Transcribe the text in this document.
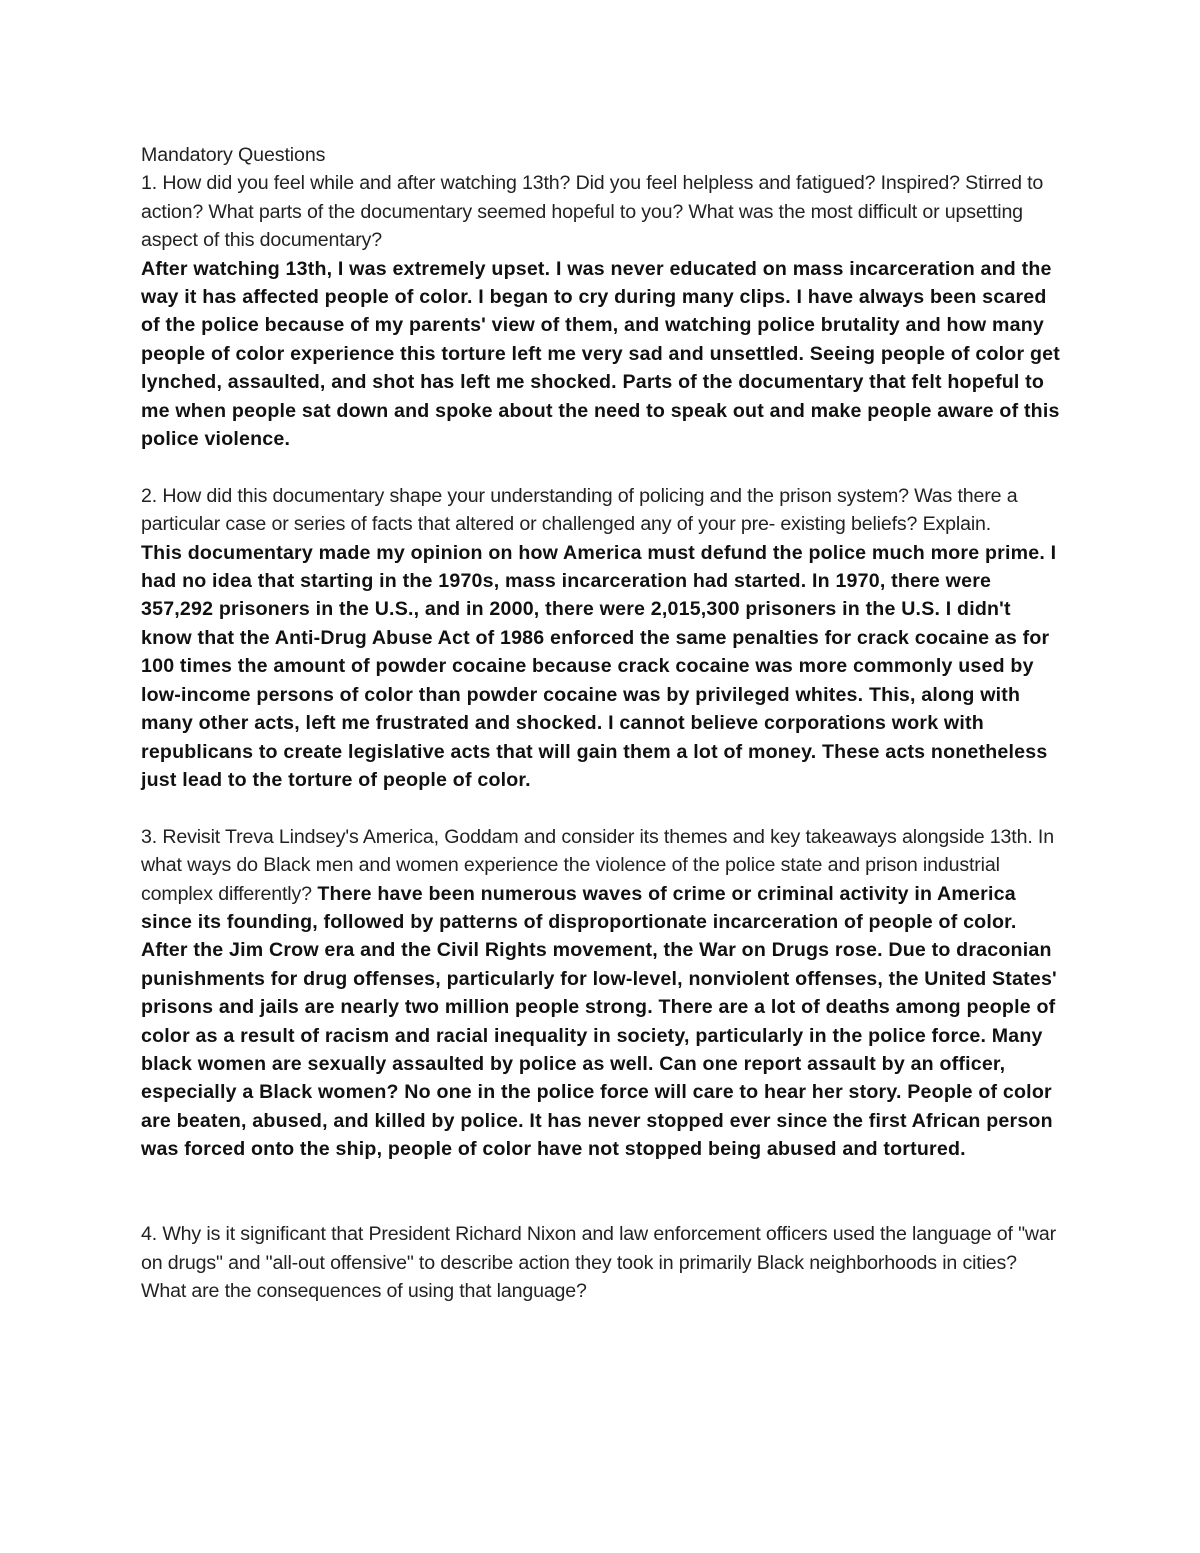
Mandatory Questions

1. How did you feel while and after watching 13th? Did you feel helpless and fatigued? Inspired? Stirred to action? What parts of the documentary seemed hopeful to you? What was the most difficult or upsetting aspect of this documentary?
After watching 13th, I was extremely upset. I was never educated on mass incarceration and the way it has affected people of color. I began to cry during many clips. I have always been scared of the police because of my parents' view of them, and watching police brutality and how many people of color experience this torture left me very sad and unsettled. Seeing people of color get lynched, assaulted, and shot has left me shocked. Parts of the documentary that felt hopeful to me when people sat down and spoke about the need to speak out and make people aware of this police violence.
2. How did this documentary shape your understanding of policing and the prison system? Was there a particular case or series of facts that altered or challenged any of your pre- existing beliefs? Explain.
This documentary made my opinion on how America must defund the police much more prime. I had no idea that starting in the 1970s, mass incarceration had started. In 1970, there were 357,292 prisoners in the U.S., and in 2000, there were 2,015,300 prisoners in the U.S. I didn't know that the Anti-Drug Abuse Act of 1986 enforced the same penalties for crack cocaine as for 100 times the amount of powder cocaine because crack cocaine was more commonly used by low-income persons of color than powder cocaine was by privileged whites. This, along with many other acts, left me frustrated and shocked. I cannot believe corporations work with republicans to create legislative acts that will gain them a lot of money. These acts nonetheless just lead to the torture of people of color.
3. Revisit Treva Lindsey's America, Goddam and consider its themes and key takeaways alongside 13th. In what ways do Black men and women experience the violence of the police state and prison industrial complex differently? There have been numerous waves of crime or criminal activity in America since its founding, followed by patterns of disproportionate incarceration of people of color. After the Jim Crow era and the Civil Rights movement, the War on Drugs rose. Due to draconian punishments for drug offenses, particularly for low-level, nonviolent offenses, the United States' prisons and jails are nearly two million people strong. There are a lot of deaths among people of color as a result of racism and racial inequality in society, particularly in the police force. Many black women are sexually assaulted by police as well. Can one report assault by an officer, especially a Black women? No one in the police force will care to hear her story. People of color are beaten, abused, and killed by police. It has never stopped ever since the first African person was forced onto the ship, people of color have not stopped being abused and tortured.
4. Why is it significant that President Richard Nixon and law enforcement officers used the language of "war on drugs" and "all-out offensive" to describe action they took in primarily Black neighborhoods in cities? What are the consequences of using that language?
